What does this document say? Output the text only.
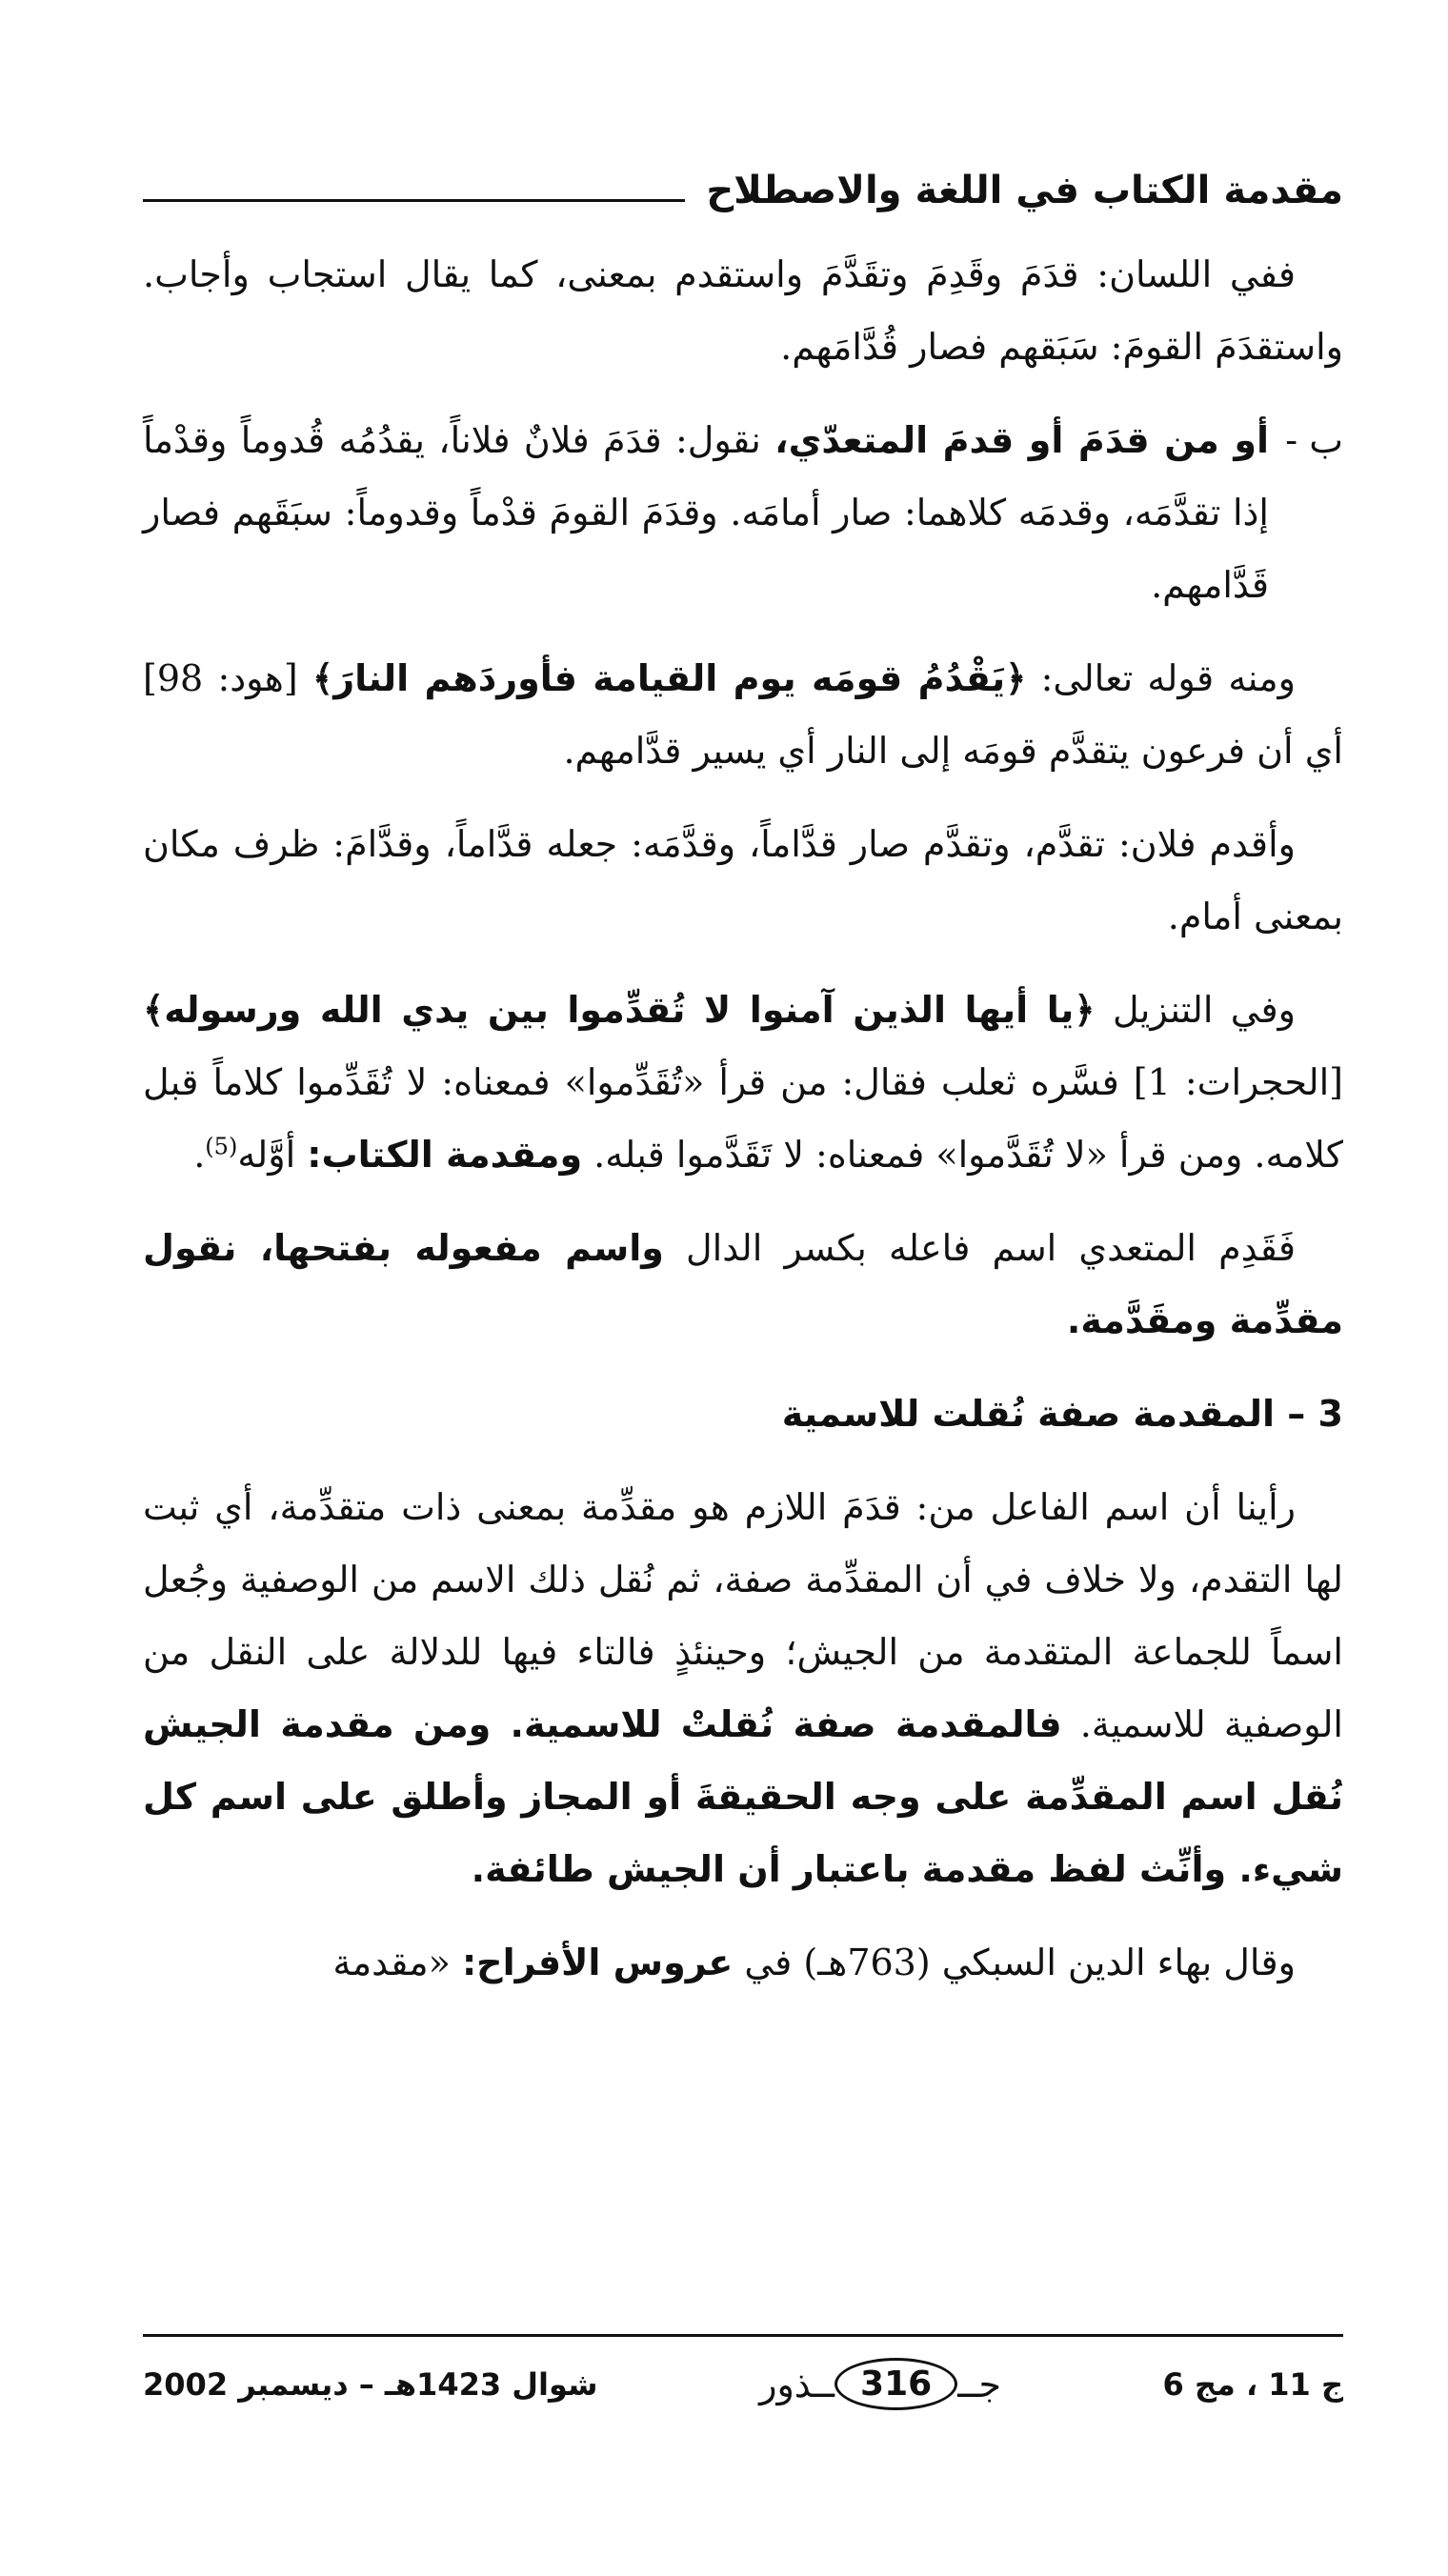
مقدمة الكتاب في اللغة والاصطلاح

ففي اللسان: قدَمَ وقَدِمَ وتقَدَّمَ واستقدم بمعنى، كما يقال استجاب وأجاب. واستقدَمَ القومَ: سَبَقهم فصار قُدَّامَهم.

ب -
أو من قدَمَ أو قدمَ المتعدّي، نقول: قدَمَ فلانٌ فلاناً، يقدُمُه قُدوماً وقدْماً إذا تقدَّمَه، وقدمَه كلاهما: صار أمامَه. وقدَمَ القومَ قدْماً وقدوماً: سبَقَهم فصار قَدَّامهم.

ومنه قوله تعالى: ﴿يَقْدُمُ قومَه يوم القيامة فأوردَهم النارَ﴾ [هود: 98] أي أن فرعون يتقدَّم قومَه إلى النار أي يسير قدَّامهم.

وأقدم فلان: تقدَّم، وتقدَّم صار قدَّاماً، وقدَّمَه: جعله قدَّاماً، وقدَّامَ: ظرف مكان بمعنى أمام.

وفي التنزيل ﴿يا أيها الذين آمنوا لا تُقدِّموا بين يدي الله ورسوله﴾ [الحجرات: 1] فسَّره ثعلب فقال: من قرأ «تُقَدِّموا» فمعناه: لا تُقَدِّموا كلاماً قبل كلامه. ومن قرأ «لا تُقَدَّموا» فمعناه: لا تَقَدَّموا قبله. ومقدمة الكتاب: أوَّله$^{(5)}$.

فَقَدِم المتعدي اسم فاعله بكسر الدال واسم مفعوله بفتحها، نقول مقدِّمة ومقَدَّمة.

3 – المقدمة صفة نُقلت للاسمية

رأينا أن اسم الفاعل من: قدَمَ اللازم هو مقدِّمة بمعنى ذات متقدِّمة، أي ثبت لها التقدم، ولا خلاف في أن المقدِّمة صفة، ثم نُقل ذلك الاسم من الوصفية وجُعل اسماً للجماعة المتقدمة من الجيش؛ وحينئذٍ فالتاء فيها للدلالة على النقل من الوصفية للاسمية. فالمقدمة صفة نُقلتْ للاسمية. ومن مقدمة الجيش نُقل اسم المقدِّمة على وجه الحقيقةَ أو المجاز وأطلق على اسم كل شيء. وأنِّث لفظ مقدمة باعتبار أن الجيش طائفة.

وقال بهاء الدين السبكي (763هـ) في عروس الأفراح: «مقدمة

ج 11 ، مج 6
جــ
316
ــذور
شوال 1423هـ – ديسمبر 2002
